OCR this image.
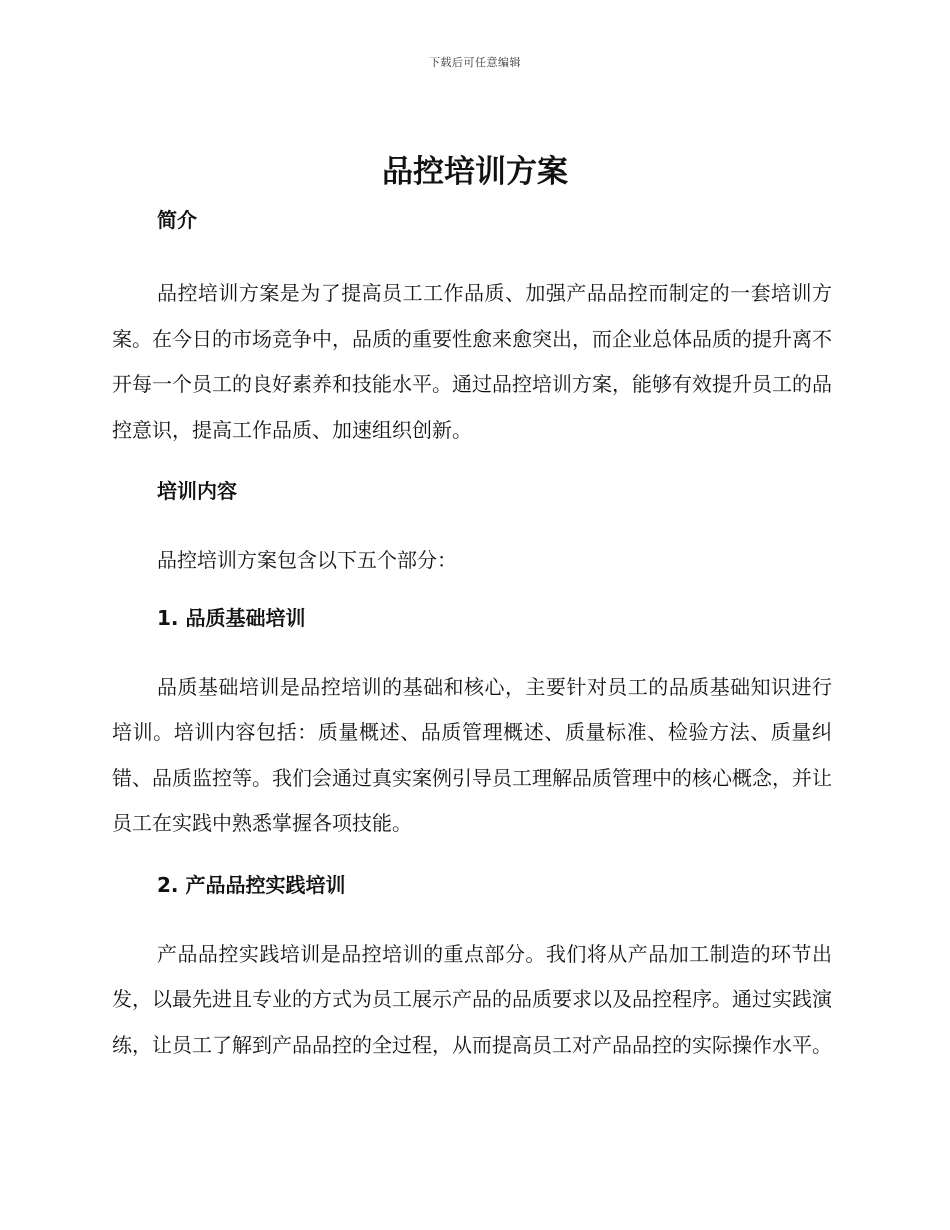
下载后可任意编辑
品控培训方案
简介

品控培训方案是为了提高员工工作品质、加强产品品控而制定的一套培训方案。在今日的市场竞争中，品质的重要性愈来愈突出，而企业总体品质的提升离不开每一个员工的良好素养和技能水平。通过品控培训方案，能够有效提升员工的品控意识，提高工作品质、加速组织创新。

培训内容

品控培训方案包含以下五个部分：

1. 品质基础培训

品质基础培训是品控培训的基础和核心，主要针对员工的品质基础知识进行培训。培训内容包括：质量概述、品质管理概述、质量标准、检验方法、质量纠错、品质监控等。我们会通过真实案例引导员工理解品质管理中的核心概念，并让员工在实践中熟悉掌握各项技能。

2. 产品品控实践培训

产品品控实践培训是品控培训的重点部分。我们将从产品加工制造的环节出发，以最先进且专业的方式为员工展示产品的品质要求以及品控程序。通过实践演练，让员工了解到产品品控的全过程，从而提高员工对产品品控的实际操作水平。
